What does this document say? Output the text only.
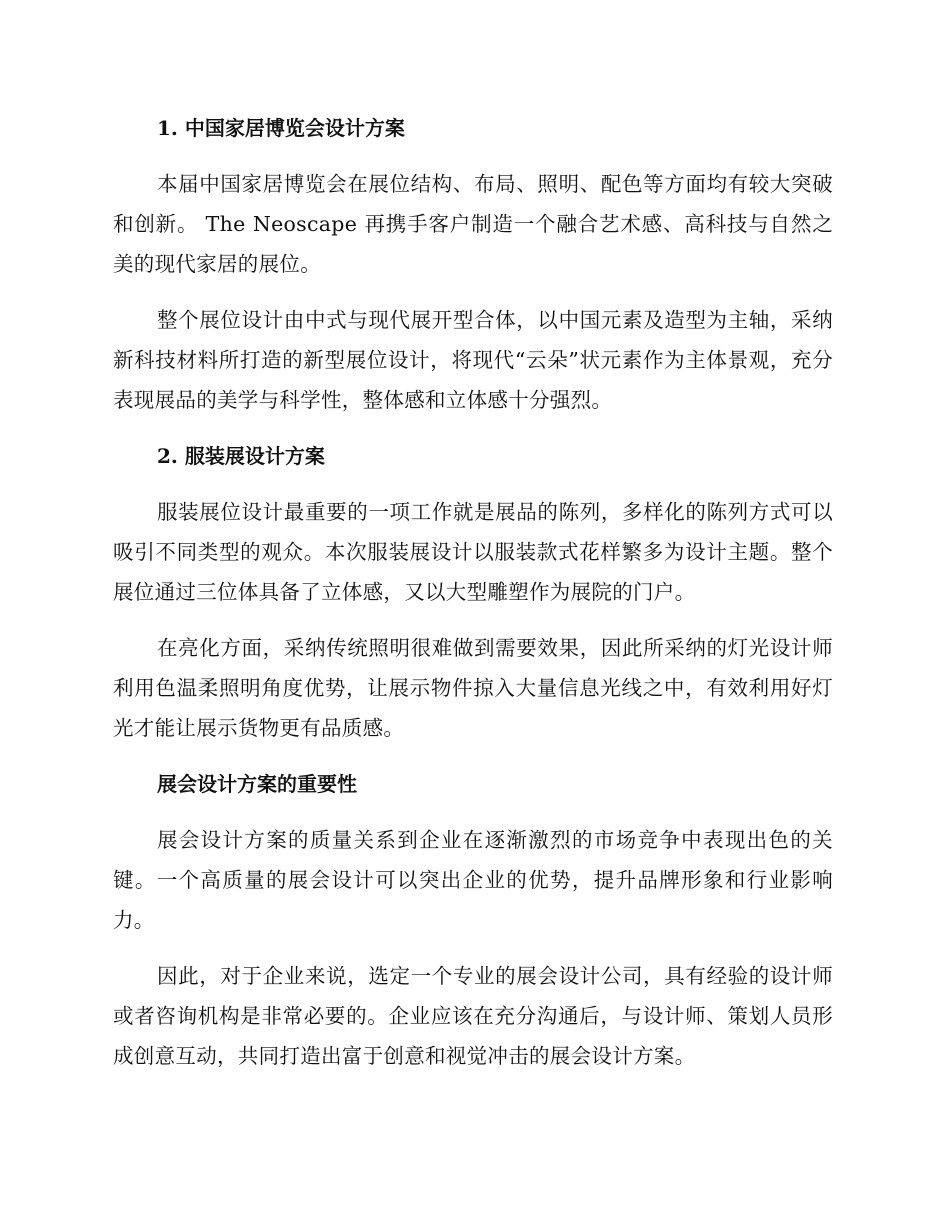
1. 中国家居博览会设计方案

本届中国家居博览会在展位结构、布局、照明、配色等方面均有较大突破和创新。 The Neoscape 再携手客户制造一个融合艺术感、高科技与自然之美的现代家居的展位。

整个展位设计由中式与现代展开型合体，以中国元素及造型为主轴，采纳新科技材料所打造的新型展位设计，将现代“云朵”状元素作为主体景观，充分表现展品的美学与科学性，整体感和立体感十分强烈。

2. 服装展设计方案

服装展位设计最重要的一项工作就是展品的陈列，多样化的陈列方式可以吸引不同类型的观众。本次服装展设计以服装款式花样繁多为设计主题。整个展位通过三位体具备了立体感，又以大型雕塑作为展院的门户。

在亮化方面，采纳传统照明很难做到需要效果，因此所采纳的灯光设计师利用色温柔照明角度优势，让展示物件掠入大量信息光线之中，有效利用好灯光才能让展示货物更有品质感。

展会设计方案的重要性

展会设计方案的质量关系到企业在逐渐激烈的市场竞争中表现出色的关键。一个高质量的展会设计可以突出企业的优势，提升品牌形象和行业影响力。

因此，对于企业来说，选定一个专业的展会设计公司，具有经验的设计师或者咨询机构是非常必要的。企业应该在充分沟通后，与设计师、策划人员形成创意互动，共同打造出富于创意和视觉冲击的展会设计方案。
